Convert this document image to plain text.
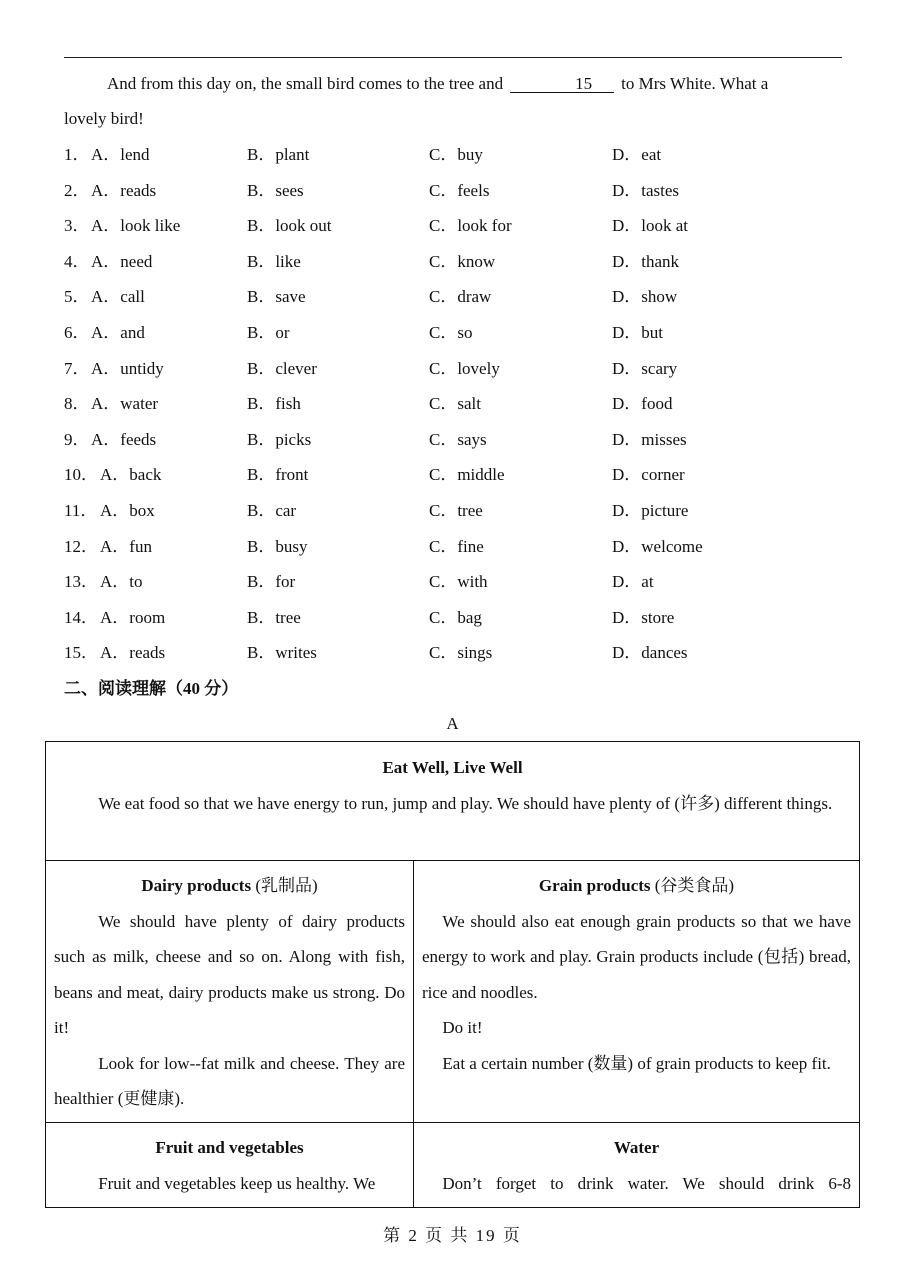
And from this day on, the small bird comes to the tree and	15 to Mrs White. What a
lovely bird!
1． A．lend	B．plant	C．buy	D．eat
2． A．reads	B．sees	C．feels	D．tastes
3． A．look like	B．look out	C．look for	D．look at
4． A．need	B．like	C．know	D．thank
5． A．call	B．save	C．draw	D．show
6． A．and	B．or	C．so	D．but
7． A．untidy	B．clever	C．lovely	D．scary
8． A．water	B．fish	C．salt	D．food
9． A．feeds	B．picks	C．says	D．misses
10． A．back	B．front	C．middle	D．corner
11． A．box	B．car	C．tree	D．picture
12． A．fun	B．busy	C．fine	D．welcome
13． A．to	B．for	C．with	D．at
14． A．room	B．tree	C．bag	D．store
15． A．reads	B．writes	C．sings	D．dances
二、阅读理解（40 分）
A
Eat Well, Live Well

We eat food so that we have energy to run, jump and play. We should have plenty of (许多) different things.

Dairy products (乳制品)

We should have plenty of dairy products such as milk, cheese and so on. Along with fish, beans and meat, dairy products make us strong. Do it!

Look for low--fat milk and cheese. They are healthier (更健康).

Grain products (谷类食品)

We should also eat enough grain products so that we have energy to work and play. Grain products include (包括) bread, rice and noodles.

Do it!

Eat a certain number (数量) of grain products to keep fit.

Fruit and vegetables

Fruit and vegetables keep us healthy. We

Water

Don’t forget to drink water. We should drink 6-8

第 2 页 共 19 页
